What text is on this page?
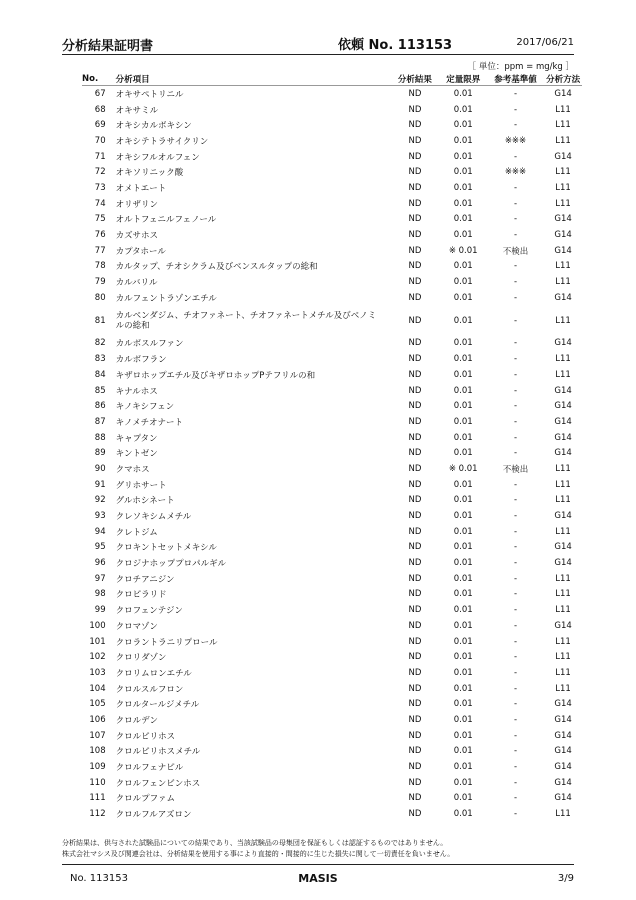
分析結果証明書	依頼 No. 113153	2017/06/21
［ 単位：ppm = mg/kg ］
No.	分析項目	分析結果	定量限界	参考基準値	分析方法
67	オキサペトリニル	ND	0.01	-	G14
68	オキサミル	ND	0.01	-	L11
69	オキシカルボキシン	ND	0.01	-	L11
70	オキシテトラサイクリン	ND	0.01	※※※	L11
71	オキシフルオルフェン	ND	0.01	-	G14
72	オキソリニック酸	ND	0.01	※※※	L11
73	オメトエート	ND	0.01	-	L11
74	オリザリン	ND	0.01	-	L11
75	オルトフェニルフェノール	ND	0.01	-	G14
76	カズサホス	ND	0.01	-	G14
77	カプタホール	ND	※ 0.01	不検出	G14
78	カルタップ、チオシクラム及びベンスルタップの総和	ND	0.01	-	L11
79	カルバリル	ND	0.01	-	L11
80	カルフェントラゾンエチル	ND	0.01	-	G14
81	カルベンダジム、チオファネート、チオファネートメチル及びベノミルの総和	ND	0.01	-	L11
82	カルボスルファン	ND	0.01	-	G14
83	カルボフラン	ND	0.01	-	L11
84	キザロホップエチル及びキザロホップPテフリルの和	ND	0.01	-	L11
85	キナルホス	ND	0.01	-	G14
86	キノキシフェン	ND	0.01	-	G14
87	キノメチオナート	ND	0.01	-	G14
88	キャプタン	ND	0.01	-	G14
89	キントゼン	ND	0.01	-	G14
90	クマホス	ND	※ 0.01	不検出	L11
91	グリホサート	ND	0.01	-	L11
92	グルホシネート	ND	0.01	-	L11
93	クレソキシムメチル	ND	0.01	-	G14
94	クレトジム	ND	0.01	-	L11
95	クロキントセットメキシル	ND	0.01	-	G14
96	クロジナホッププロパルギル	ND	0.01	-	G14
97	クロチアニジン	ND	0.01	-	L11
98	クロピラリド	ND	0.01	-	L11
99	クロフェンテジン	ND	0.01	-	L11
100	クロマゾン	ND	0.01	-	G14
101	クロラントラニリプロール	ND	0.01	-	L11
102	クロリダゾン	ND	0.01	-	L11
103	クロリムロンエチル	ND	0.01	-	L11
104	クロルスルフロン	ND	0.01	-	L11
105	クロルタールジメチル	ND	0.01	-	G14
106	クロルデン	ND	0.01	-	G14
107	クロルピリホス	ND	0.01	-	G14
108	クロルピリホスメチル	ND	0.01	-	G14
109	クロルフェナピル	ND	0.01	-	G14
110	クロルフェンビンホス	ND	0.01	-	G14
111	クロルプファム	ND	0.01	-	G14
112	クロルフルアズロン	ND	0.01	-	L11
分析結果は、供与された試験品についての結果であり、当該試験品の母集団を保証もしくは認証するものではありません。
株式会社マシス及び関連会社は、分析結果を使用する事により直接的・間接的に生じた損失に関して一切責任を負いません。
No. 113153	MASIS	3/9
